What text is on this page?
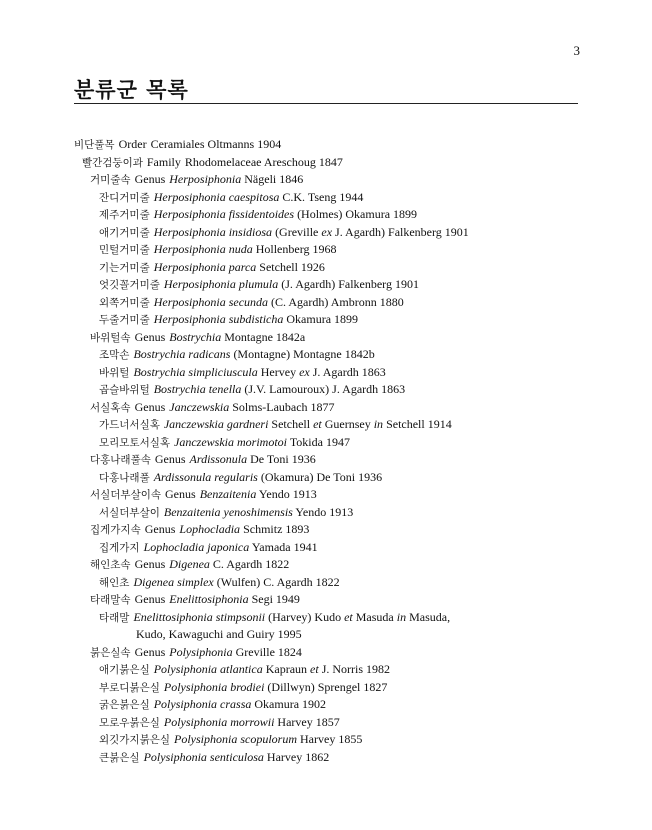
3
분류군 목록
비단풀목 Order Ceramiales Oltmanns 1904
빨간검둥이과 Family Rhodomelaceae Areschoug 1847
거미줄속 Genus Herposiphonia Nägeli 1846
잔디거미줄 Herposiphonia caespitosa C.K. Tseng 1944
제주거미줄 Herposiphonia fissidentoides (Holmes) Okamura 1899
애기거미줄 Herposiphonia insidiosa (Greville ex J. Agardh) Falkenberg 1901
민털거미줄 Herposiphonia nuda Hollenberg 1968
기는거미줄 Herposiphonia parca Setchell 1926
엇깃꼴거미줄 Herposiphonia plumula (J. Agardh) Falkenberg 1901
외쪽거미줄 Herposiphonia secunda (C. Agardh) Ambronn 1880
두줄거미줄 Herposiphonia subdisticha Okamura 1899
바위털속 Genus Bostrychia Montagne 1842a
조막손 Bostrychia radicans (Montagne) Montagne 1842b
바위털 Bostrychia simpliciuscula Hervey ex J. Agardh 1863
곱슬바위털 Bostrychia tenella (J.V. Lamouroux) J. Agardh 1863
서실혹속 Genus Janczewskia Solms-Laubach 1877
가드너서실혹 Janczewskia gardneri Setchell et Guernsey in Setchell 1914
모리모토서실혹 Janczewskia morimotoi Tokida 1947
다홍나래풀속 Genus Ardissonula De Toni 1936
다홍나래풀 Ardissonula regularis (Okamura) De Toni 1936
서실더부살이속 Genus Benzaitenia Yendo 1913
서실더부살이 Benzaitenia yenoshimensis Yendo 1913
집게가지속 Genus Lophocladia Schmitz 1893
집게가지 Lophocladia japonica Yamada 1941
해인초속 Genus Digenea C. Agardh 1822
해인초 Digenea simplex (Wulfen) C. Agardh 1822
타래말속 Genus Enelittosiphonia Segi 1949
타래말 Enelittosiphonia stimpsonii (Harvey) Kudo et Masuda in Masuda,
Kudo, Kawaguchi and Guiry 1995
붉은실속 Genus Polysiphonia Greville 1824
애기붉은실 Polysiphonia atlantica Kapraun et J. Norris 1982
부로디붉은실 Polysiphonia brodiei (Dillwyn) Sprengel 1827
굵은붉은실 Polysiphonia crassa Okamura 1902
모로우붉은실 Polysiphonia morrowii Harvey 1857
외깃가지붉은실 Polysiphonia scopulorum Harvey 1855
큰붉은실 Polysiphonia senticulosa Harvey 1862
